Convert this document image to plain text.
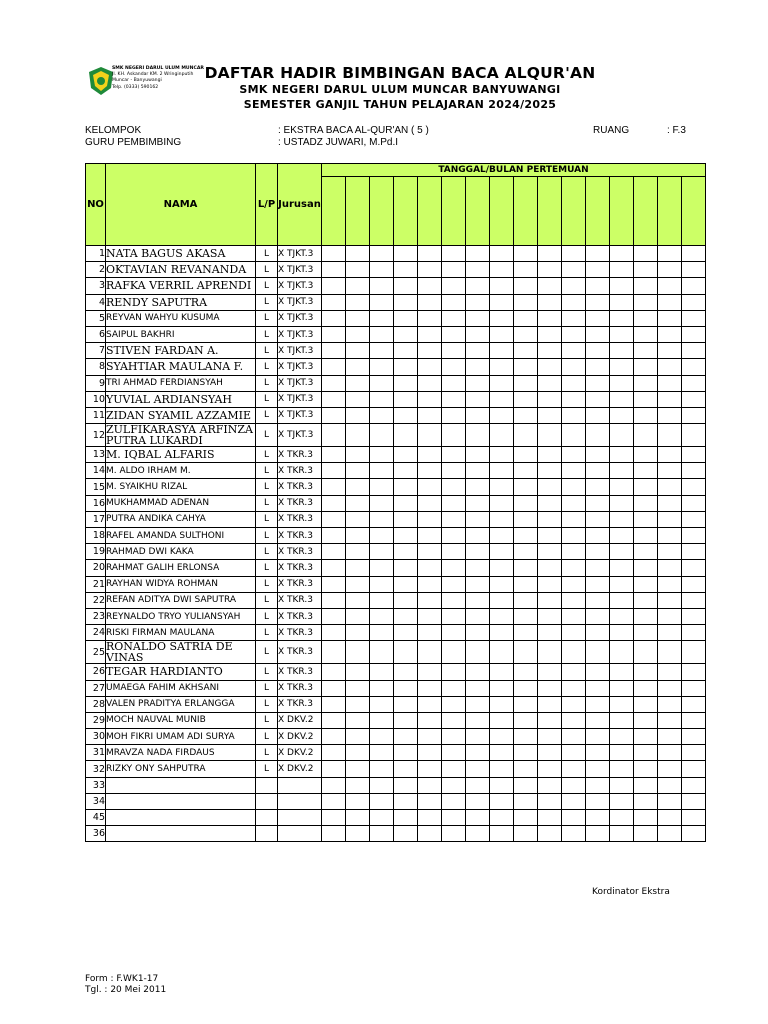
SMK NEGERI DARUL ULUM MUNCAR
Jl. KH. Askandar KM. 2 Wringinputih
Muncar - Banyuwangi
Telp. (0333) 590162
DAFTAR HADIR BIMBINGAN BACA ALQUR'AN
SMK NEGERI DARUL ULUM MUNCAR BANYUWANGI
SEMESTER GANJIL TAHUN PELAJARAN 2024/2025
KELOMPOK	: EKSTRA BACA AL-QUR'AN ( 5 )
GURU PEMBIMBING	: USTADZ JUWARI, M.Pd.I
RUANG	: F.3
NO	NAMA	L/P	Jurusan	TANGGAL/BULAN PERTEMUAN															

1	NATA BAGUS AKASA	L	X TJKT.3																
2	OKTAVIAN REVANANDA	L	X TJKT.3																
3	RAFKA VERRIL APRENDI	L	X TJKT.3																
4	RENDY SAPUTRA	L	X TJKT.3																
5	REYVAN WAHYU KUSUMA	L	X TJKT.3																
6	SAIPUL BAKHRI	L	X TJKT.3																
7	STIVEN FARDAN A.	L	X TJKT.3																
8	SYAHTIAR MAULANA F.	L	X TJKT.3																
9	TRI AHMAD FERDIANSYAH	L	X TJKT.3																
10	YUVIAL ARDIANSYAH	L	X TJKT.3																
11	ZIDAN SYAMIL AZZAMIE	L	X TJKT.3																
12	ZULFIKARASYA ARFINZA PUTRA LUKARDI	L	X TJKT.3																
13	M. IQBAL ALFARIS	L	X TKR.3																
14	M. ALDO IRHAM M.	L	X TKR.3																
15	M. SYAIKHU RIZAL	L	X TKR.3																
16	MUKHAMMAD ADENAN	L	X TKR.3																
17	PUTRA ANDIKA CAHYA	L	X TKR.3																
18	RAFEL AMANDA SULTHONI	L	X TKR.3																
19	RAHMAD DWI KAKA	L	X TKR.3																
20	RAHMAT GALIH ERLONSA	L	X TKR.3																
21	RAYHAN WIDYA ROHMAN	L	X TKR.3																
22	REFAN ADITYA DWI SAPUTRA	L	X TKR.3																
23	REYNALDO TRYO YULIANSYAH	L	X TKR.3																
24	RISKI FIRMAN MAULANA	L	X TKR.3																
25	RONALDO SATRIA DE VINAS	L	X TKR.3																
26	TEGAR HARDIANTO	L	X TKR.3																
27	UMAEGA FAHIM AKHSANI	L	X TKR.3																
28	VALEN PRADITYA ERLANGGA	L	X TKR.3																
29	MOCH NAUVAL MUNIB	L	X DKV.2																
30	MOH FIKRI UMAM ADI SURYA	L	X DKV.2																
31	MRAVZA NADA FIRDAUS	L	X DKV.2																
32	RIZKY ONY SAHPUTRA	L	X DKV.2																
33																			
34																			
45																			
36																			
Kordinator Ekstra
Form : F.WK1-17
Tgl. : 20 Mei 2011
